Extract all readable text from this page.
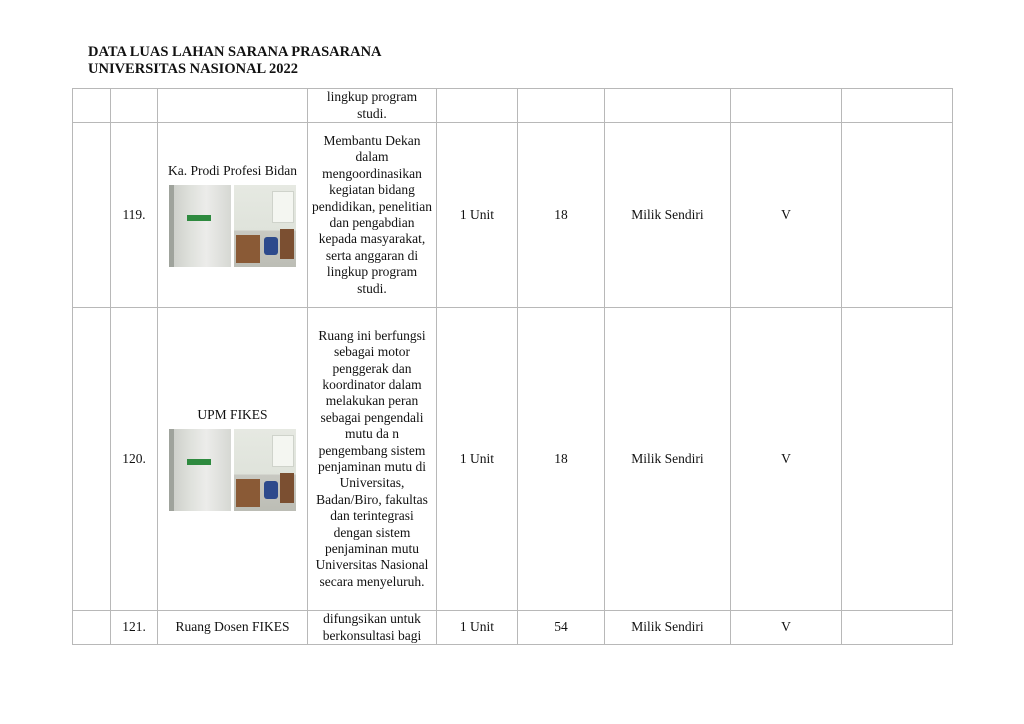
DATA LUAS LAHAN SARANA PRASARANA
UNIVERSITAS NASIONAL 2022
			lingkup program studi.					
	119.	Ka. Prodi Profesi Bidan	Membantu Dekan dalam mengoordinasikan kegiatan bidang pendidikan, penelitian dan pengabdian kepada masyarakat, serta anggaran di lingkup program studi.	1 Unit	18	Milik Sendiri	V	
	120.	UPM FIKES	Ruang ini berfungsi sebagai motor penggerak dan koordinator dalam melakukan peran sebagai pengendali mutu da n pengembang sistem penjaminan mutu di Universitas, Badan/Biro, fakultas dan terintegrasi dengan sistem penjaminan mutu Universitas Nasional secara menyeluruh.	1 Unit	18	Milik Sendiri	V	
	121.	Ruang Dosen FIKES	difungsikan untuk berkonsultasi bagi	1 Unit	54	Milik Sendiri	V	
